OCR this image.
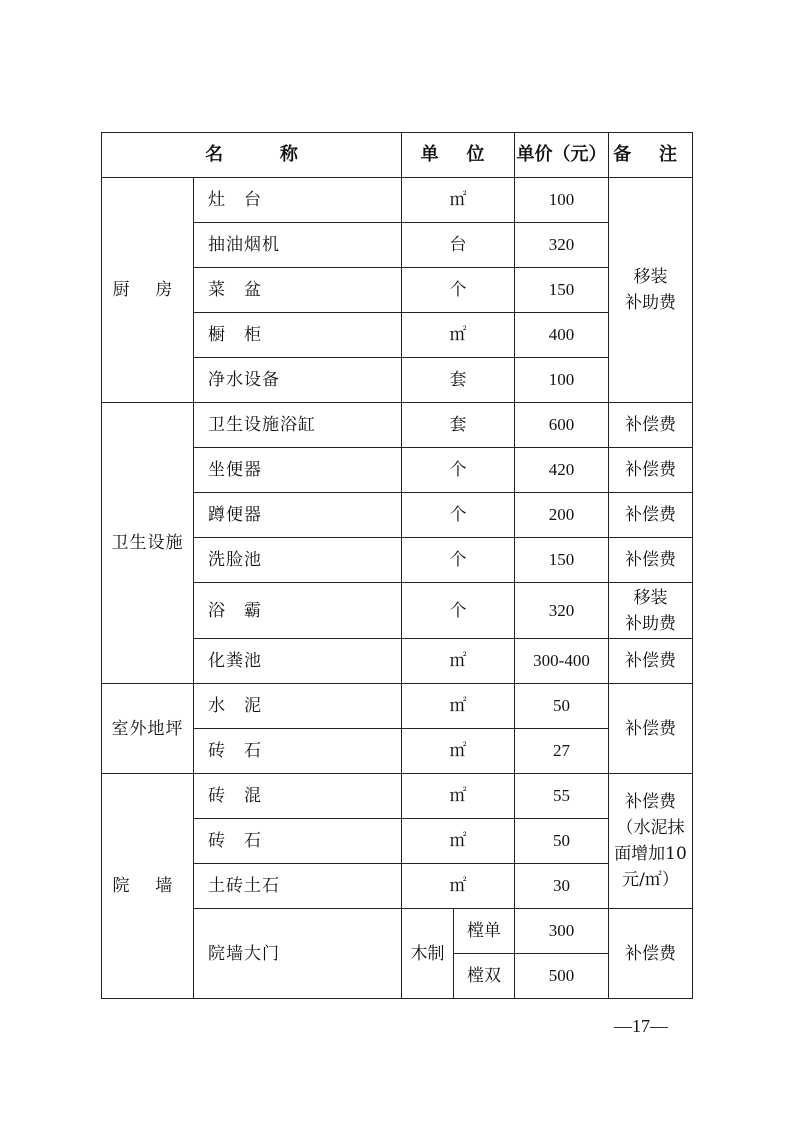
名 称		单 位		单价（元）	备 注
厨 房	灶　台	㎡		100	移装
补助费
	抽油烟机	台		320	
	菜　盆	个		150	
	橱　柜	㎡		400	
	净水设备	套		100	
卫生设施	卫生设施浴缸	套		600	补偿费
	坐便器	个		420	补偿费
	蹲便器	个		200	补偿费
	洗脸池	个		150	补偿费
	浴　霸	个		320	移装
补助费
	化粪池	㎡		300-400	补偿费
室外地坪	水　泥	㎡		50	补偿费
	砖　石	㎡		27	
院 墙	砖　混	㎡		55	补偿费
（水泥抹
面增加10
元/㎡）
	砖　石	㎡		50	
	土砖土石	㎡		30	
	院墙大门	木制	樘单	300	补偿费
			樘双	500	
—17—
